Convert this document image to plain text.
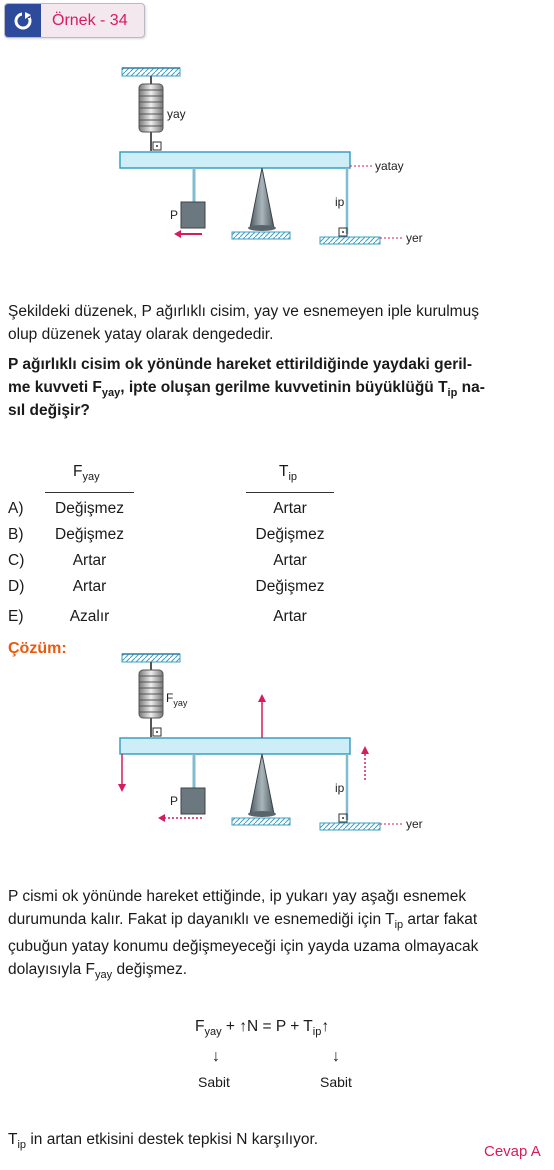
Örnek - 34
yay
yatay
P
ip
yer
Şekildeki düzenek, P ağırlıklı cisim, yay ve esnemeyen iple kurulmuş
olup düzenek yatay olarak dengededir.
P ağırlıklı cisim ok yönünde hareket ettirildiğinde yaydaki geril-
me kuvveti $F_{yay}$, ipte oluşan gerilme kuvvetinin büyüklüğü $T_{ip}$ na-
sıl değişir?
$F_{yay}$	$T_{ip}$
A)	Değişmez	Artar
B)	Değişmez	Değişmez
C)	Artar	Artar
D)	Artar	Değişmez
E)	Azalır	Artar
Çözüm:
$F_{yay}$
P
ip
yer
P cismi ok yönünde hareket ettiğinde, ip yukarı yay aşağı esnemek
durumunda kalır. Fakat ip dayanıklı ve esnemediği için $T_{ip}$ artar fakat
çubuğun yatay konumu değişmeyeceği için yayda uzama olmayacak
dolayısıyla $F_{yay}$ değişmez.
$F_{yay}$ + ↑N = $P + T_{ip}↑$
↓	↓
Sabit	Sabit
$T_{ip}$ in artan etkisini destek tepkisi N karşılıyor.
Cevap A
